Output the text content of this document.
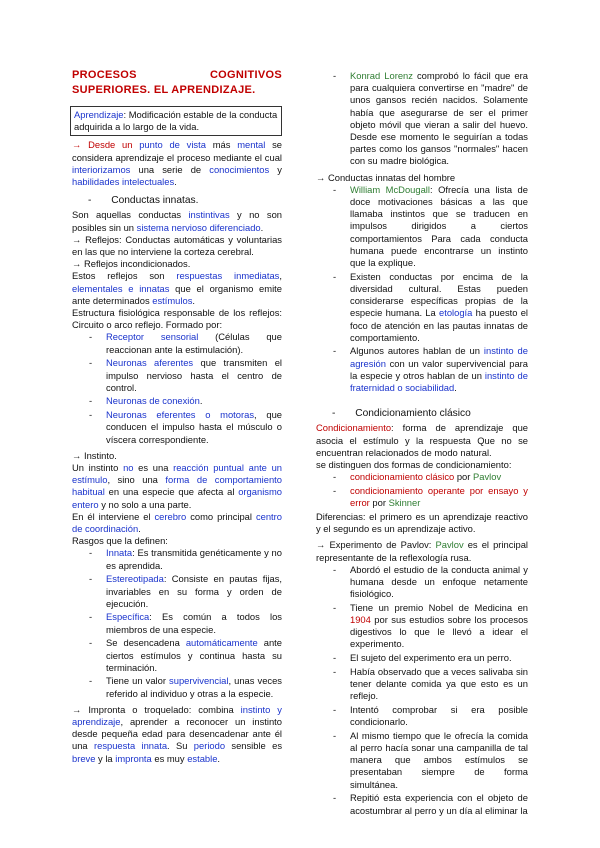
PROCESOS	COGNITIVOS
SUPERIORES. EL APRENDIZAJE.
Aprendizaje: Modificación estable de la conducta adquirida a lo largo de la vida.

→ Desde un punto de vista más mental se considera aprendizaje el proceso mediante el cual interiorizamos una serie de conocimientos y habilidades intelectuales.

-       Conductas innatas.

Son aquellas conductas instintivas y no son posibles sin un sistema nervioso diferenciado.

→ Reflejos: Conductas automáticas y voluntarias en las que no interviene la corteza cerebral.

→ Reflejos incondicionados.

Estos reflejos son respuestas inmediatas, elementales e innatas que el organismo emite ante determinados estímulos.

Estructura fisiológica responsable de los reflejos: Circuito o arco reflejo. Formado por:

- Receptor sensorial (Células que reaccionan ante la estimulación).
- Neuronas aferentes que transmiten el impulso nervioso hasta el centro de control.
- Neuronas de conexión.
- Neuronas eferentes o motoras, que conducen el impulso hasta el músculo o víscera correspondiente.

→ Instinto.

Un instinto no es una reacción puntual ante un estímulo, sino una forma de comportamiento habitual en una especie que afecta al organismo entero y no solo a una parte.

En él interviene el cerebro como principal centro de coordinación.

Rasgos que la definen:

- Innata: Es transmitida genéticamente y no es aprendida.
- Estereotipada: Consiste en pautas fijas, invariables en su forma y orden de ejecución.
- Específica: Es común a todos los miembros de una especie.
- Se desencadena automáticamente ante ciertos estímulos y continua hasta su terminación.
- Tiene un valor supervivencial, unas veces referido al individuo y otras a la especie.

→ Impronta o troquelado: combina instinto y aprendizaje, aprender a reconocer un instinto desde pequeña edad para desencadenar ante él una respuesta innata. Su periodo sensible es breve y la impronta es muy estable.

- Konrad Lorenz comprobó lo fácil que era para cualquiera convertirse en "madre" de unos gansos recién nacidos. Solamente había que asegurarse de ser el primer objeto móvil que vieran a salir del huevo. Desde ese momento le seguirían a todas partes como los gansos "normales" hacen con su madre biológica.

→ Conductas innatas del hombre

- William McDougall: Ofrecía una lista de doce motivaciones básicas a las que llamaba instintos que se traducen en impulsos dirigidos a ciertos comportamientos Para cada conducta humana puede encontrarse un instinto que la explique.
- Existen conductas por encima de la diversidad cultural. Estas pueden considerarse específicas propias de la especie humana. La etología ha puesto el foco de atención en las pautas innatas de comportamiento.
- Algunos autores hablan de un instinto de agresión con un valor supervivencial para la especie y otros hablan de un instinto de fraternidad o sociabilidad.
-       Condicionamiento clásico

Condicionamiento: forma de aprendizaje que asocia el estímulo y la respuesta Que no se encuentran relacionados de modo natural.

se distinguen dos formas de condicionamiento:

- condicionamiento clásico por Pavlov
- condicionamiento operante por ensayo y error por Skinner

Diferencias: el primero es un aprendizaje reactivo y el segundo es un aprendizaje activo.

→ Experimento de Pavlov: Pavlov es el principal representante de la reflexología rusa.

- Abordó el estudio de la conducta animal y humana desde un enfoque netamente fisiológico.
- Tiene un premio Nobel de Medicina en 1904 por sus estudios sobre los procesos digestivos lo que le llevó a idear el experimento.
- El sujeto del experimento era un perro.
- Había observado que a veces salivaba sin tener delante comida ya que esto es un reflejo.
- Intentó comprobar si era posible condicionarlo.
- Al mismo tiempo que le ofrecía la comida al perro hacía sonar una campanilla de tal manera que ambos estímulos se presentaban siempre de forma simultánea.
- Repitió esta experiencia con el objeto de acostumbrar al perro y un día al eliminar la
